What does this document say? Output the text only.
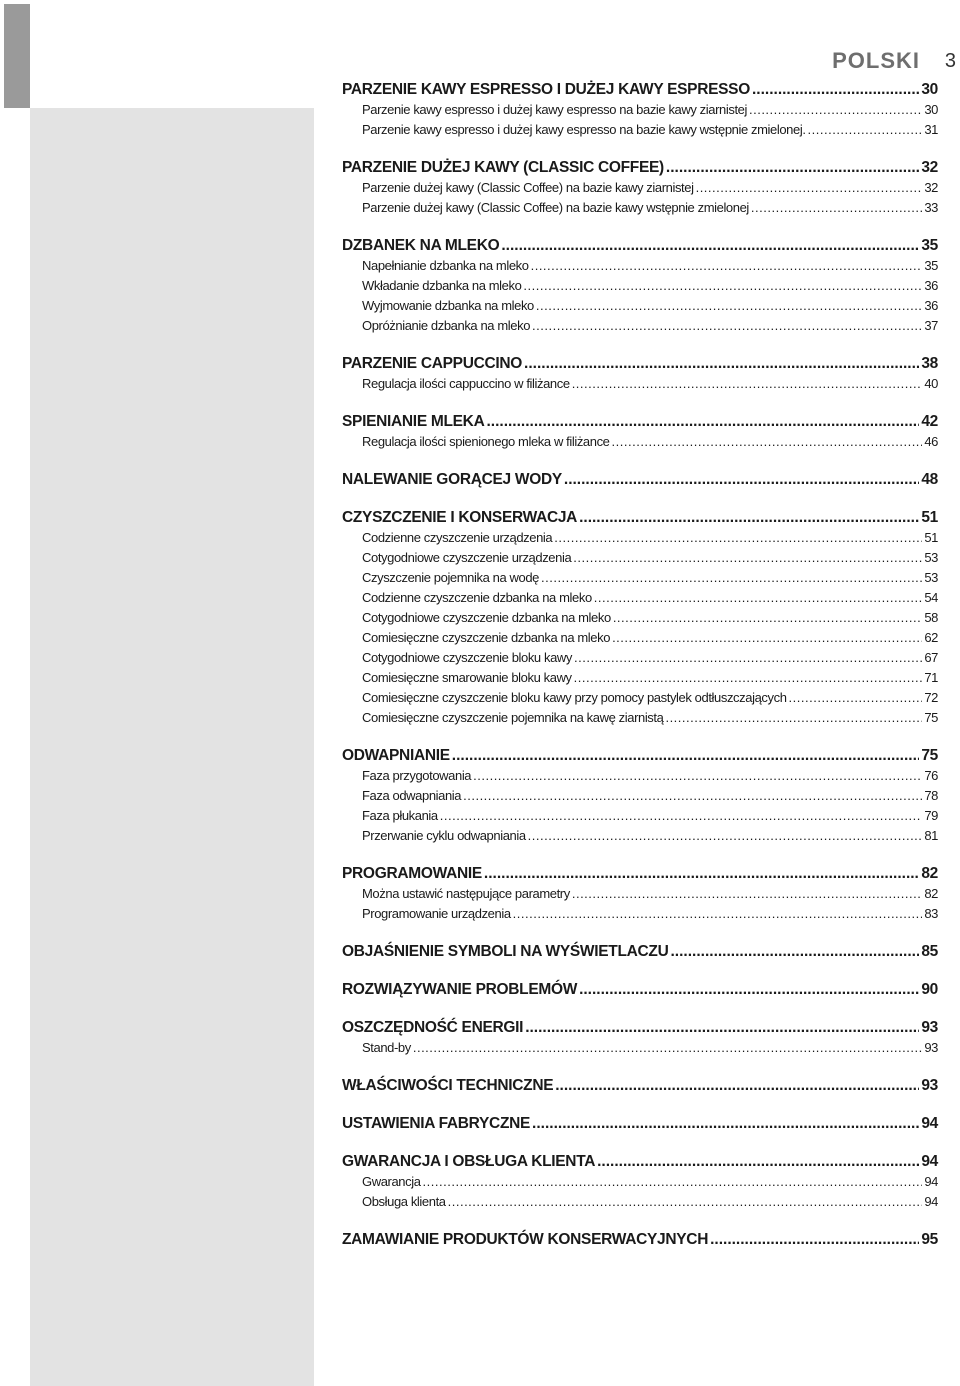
POLSKI 3
PARZENIE KAWY ESPRESSO I DUŻEJ KAWY ESPRESSO .....	30
Parzenie kawy espresso i dużej kawy espresso na bazie kawy ziarnistej .....	30
Parzenie kawy espresso i dużej kawy espresso na bazie kawy wstępnie zmielonej. .....	31
PARZENIE DUŻEJ KAWY (CLASSIC COFFEE) .....	32
Parzenie dużej kawy (Classic Coffee) na bazie kawy ziarnistej .....	32
Parzenie dużej kawy (Classic Coffee) na bazie kawy wstępnie zmielonej .....	33
DZBANEK NA MLEKO .....	35
Napełnianie dzbanka na mleko .....	35
Wkładanie dzbanka na mleko .....	36
Wyjmowanie dzbanka na mleko .....	36
Opróżnianie dzbanka na mleko .....	37
PARZENIE CAPPUCCINO .....	38
Regulacja ilości cappuccino w filiżance .....	40
SPIENIANIE MLEKA .....	42
Regulacja ilości spienionego mleka w filiżance .....	46
NALEWANIE GORĄCEJ WODY .....	48
CZYSZCZENIE I KONSERWACJA .....	51
Codzienne czyszczenie urządzenia .....	51
Cotygodniowe czyszczenie urządzenia .....	53
Czyszczenie pojemnika na wodę .....	53
Codzienne czyszczenie dzbanka na mleko .....	54
Cotygodniowe czyszczenie dzbanka na mleko .....	58
Comiesięczne czyszczenie dzbanka na mleko .....	62
Cotygodniowe czyszczenie bloku kawy .....	67
Comiesięczne smarowanie bloku kawy .....	71
Comiesięczne czyszczenie bloku kawy przy pomocy pastylek odtłuszczających .....	72
Comiesięczne czyszczenie pojemnika na kawę ziarnistą .....	75
ODWAPNIANIE .....	75
Faza przygotowania .....	76
Faza odwapniania .....	78
Faza płukania .....	79
Przerwanie cyklu odwapniania .....	81
PROGRAMOWANIE .....	82
Można ustawić następujące parametry .....	82
Programowanie urządzenia .....	83
OBJAŚNIENIE SYMBOLI NA WYŚWIETLACZU .....	85
ROZWIĄZYWANIE PROBLEMÓW .....	90
OSZCZĘDNOŚĆ ENERGII .....	93
Stand-by .....	93
WŁAŚCIWOŚCI TECHNICZNE .....	93
USTAWIENIA FABRYCZNE .....	94
GWARANCJA I OBSŁUGA KLIENTA .....	94
Gwarancja .....	94
Obsługa klienta .....	94
ZAMAWIANIE PRODUKTÓW KONSERWACYJNYCH .....	95
